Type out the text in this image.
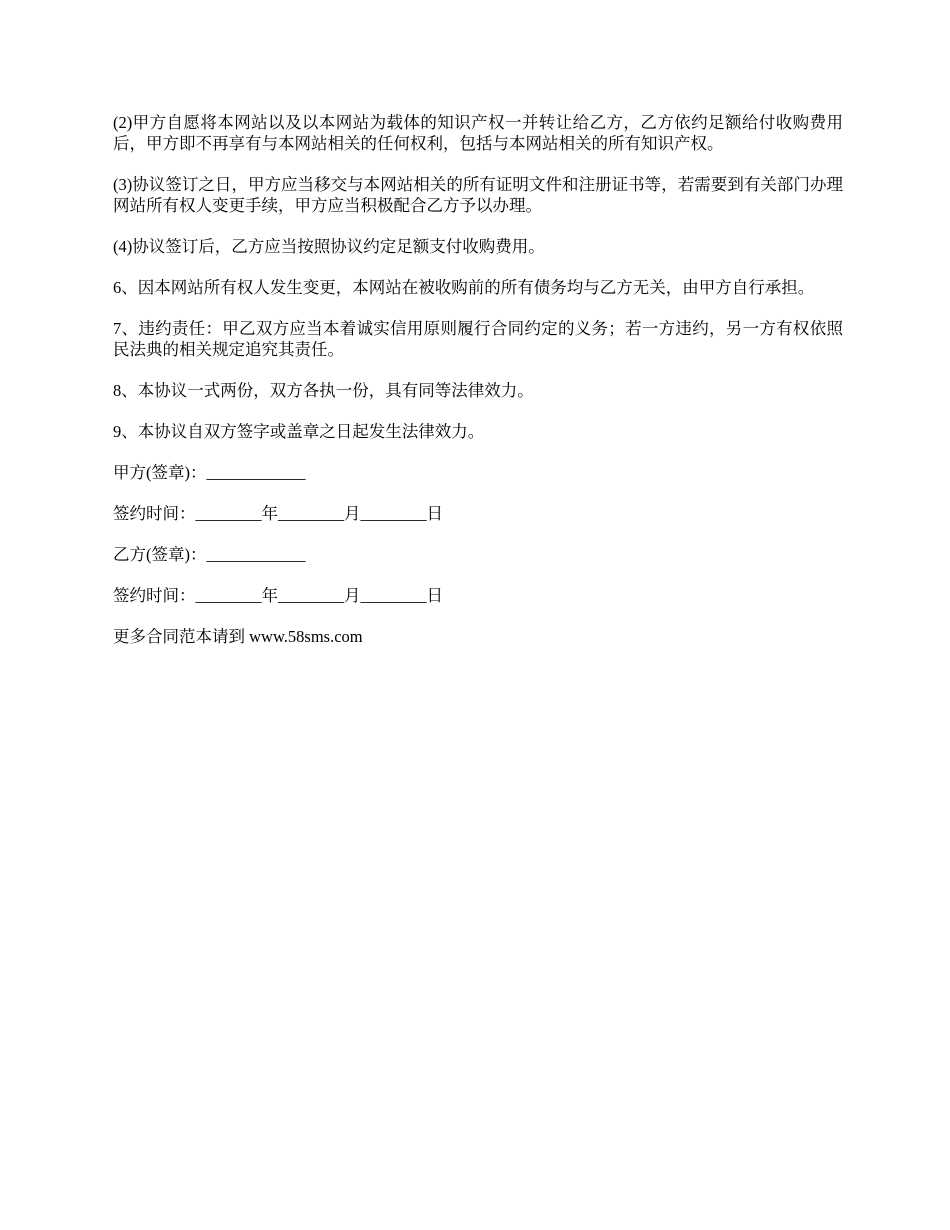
(2)甲方自愿将本网站以及以本网站为载体的知识产权一并转让给乙方，乙方依约足额给付收购费用后，甲方即不再享有与本网站相关的任何权利，包括与本网站相关的所有知识产权。

(3)协议签订之日，甲方应当移交与本网站相关的所有证明文件和注册证书等，若需要到有关部门办理网站所有权人变更手续，甲方应当积极配合乙方予以办理。

(4)协议签订后，乙方应当按照协议约定足额支付收购费用。

6、因本网站所有权人发生变更，本网站在被收购前的所有债务均与乙方无关，由甲方自行承担。

7、违约责任：甲乙双方应当本着诚实信用原则履行合同约定的义务；若一方违约，另一方有权依照民法典的相关规定追究其责任。

8、本协议一式两份，双方各执一份，具有同等法律效力。

9、本协议自双方签字或盖章之日起发生法律效力。

甲方(签章)：____________
签约时间：________年________月________日
乙方(签章)：____________
签约时间：________年________月________日
更多合同范本请到 www.58sms.com
